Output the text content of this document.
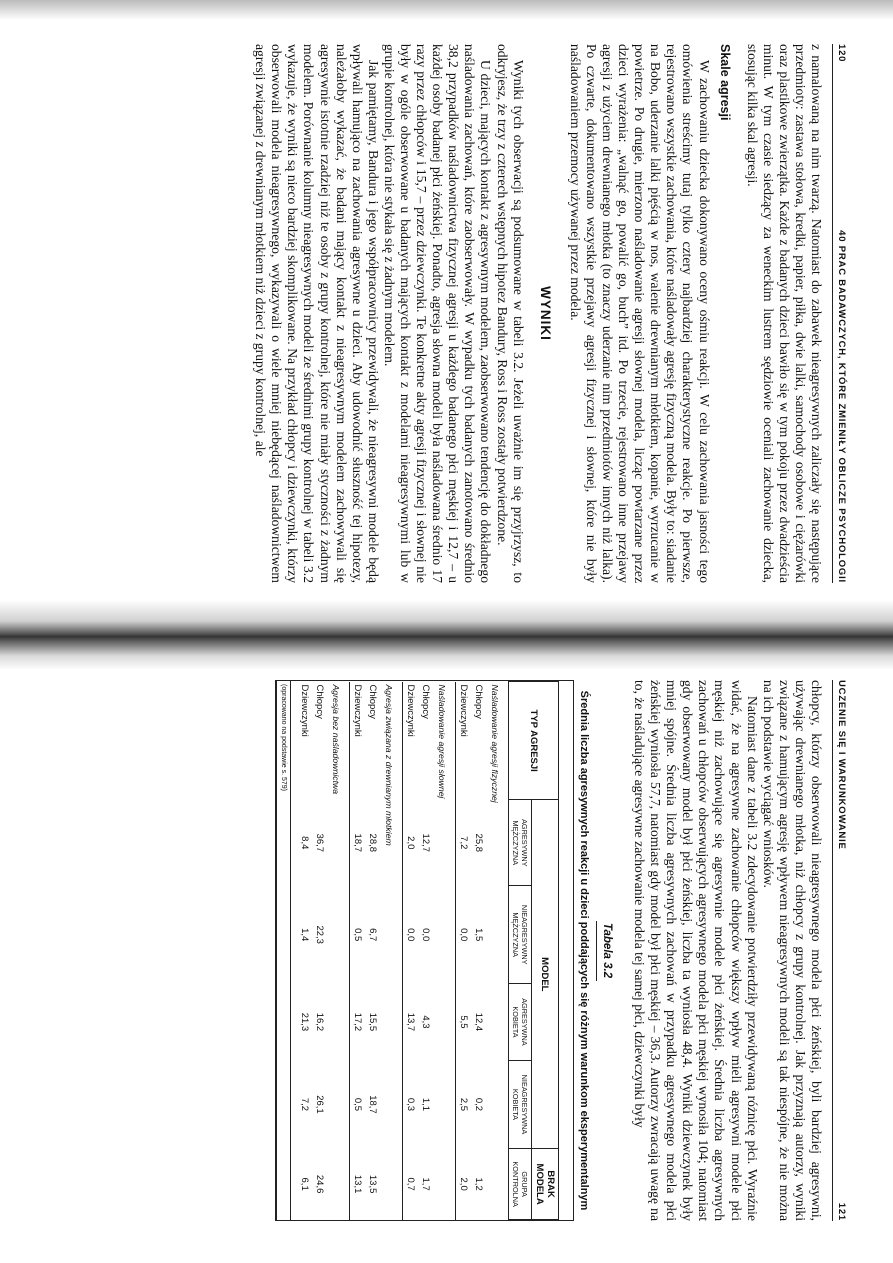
120
40 PRAC BADAWCZYCH, KTÓRE ZMIENIŁY OBLICZE PSYCHOLOGII

z namalowaną na nim twarzą. Natomiast do zabawek nieagresywnych zaliczały się następujące przedmioty: zastawa stołowa, kredki, papier, piłka, dwie lalki, samochody osobowe i ciężarówki oraz plastikowe zwierzątka. Każde z badanych dzieci bawiło się w tym pokoju przez dwadzieścia minut. W tym czasie siedzący za weneckim lustrem sędziowie oceniali zachowanie dziecka, stosując kilka skal agresji.

Skale agresji

W zachowaniu dziecka dokonywano oceny ośmiu reakcji. W celu zachowania jasności tego omówienia streścimy tutaj tylko cztery najbardziej charakterystyczne reakcje. Po pierwsze, rejestrowano wszystkie zachowania, które naśladowały agresję fizyczną modela. Były to: siadanie na Bobo, uderzanie lalki pięścią w nos, walenie drewnianym młotkiem, kopanie, wyrzucanie w powietrze. Po drugie, mierzono naśladowanie agresji słownej modela, licząc powtarzane przez dzieci wyrażenia: „walnąć go, powalić go, buch” itd. Po trzecie, rejestrowano inne przejawy agresji z użyciem drewnianego młotka (to znaczy uderzanie nim przedmiotów innych niż lalka). Po czwarte, dokumentowano wszystkie przejawy agresji fizycznej i słownej, które nie były naśladowaniem przemocy używanej przez modela.

WYNIKI

Wyniki tych obserwacji są podsumowane w tabeli 3.2. Jeżeli uważnie im się przyjrzysz, to odkryjesz, że trzy z czterech wstępnych hipotez Bandury, Ross i Ross zostały potwierdzone.

U dzieci, mających kontakt z agresywnym modelem, zaobserwowano tendencję do dokładnego naśladowania zachowań, które zaobserwowały. W wypadku tych badanych zanotowano średnio 38,2 przypadków naśladownictwa fizycznej agresji u każdego badanego płci męskiej i 12,7 – u każdej osoby badanej płci żeńskiej. Ponadto, agresja słowna modeli była naśladowana średnio 17 razy przez chłopców i 15,7 – przez dziewczynki. Te konkretne akty agresji fizycznej i słownej nie były w ogóle obserwowane u badanych mających kontakt z modelami nieagresywnymi lub w grupie kontrolnej, która nie stykała się z żadnym modelem.

Jak pamiętamy, Bandura i jego współpracownicy przewidywali, że nieagresywni modele będą wpływali hamująco na zachowania agresywne u dzieci. Aby udowodnić słuszność tej hipotezy, należałoby wykazać, że badani mający kontakt z nieagresywnym modelem zachowywali się agresywnie istotnie rzadziej niż te osoby z grupy kontrolnej, które nie miały styczności z żadnym modelem. Porównanie kolumny nieagresywnych modeli ze średnimi grupy kontrolnej w tabeli 3.2 wykazuje, że wyniki są nieco bardziej skomplikowane. Na przykład chłopcy i dziewczynki, którzy obserwowali modela nieagresywnego, wykazywali o wiele mniej niebędącej naśladownictwem agresji związanej z drewnianym młotkiem niż dzieci z grupy kontrolnej, ale

UCZENIE SIĘ I WARUNKOWANIE
121

chłopcy, którzy obserwowali nieagresywnego modela płci żeńskiej, byli bardziej agresywni, używając drewnianego młotka, niż chłopcy z grupy kontrolnej. Jak przyznają autorzy, wyniki związane z hamującym agresję wpływem nieagresywnych modeli są tak niespójne, że nie można na ich podstawie wyciągać wniosków.

Natomiast dane z tabeli 3.2 zdecydowanie potwierdziły przewidywaną różnicę płci. Wyraźnie widać, że na agresywne zachowanie chłopców większy wpływ mieli agresywni modele płci męskiej niż zachowujące się agresywnie modele płci żeńskiej. Średnia liczba agresywnych zachowań u chłopców obserwujących agresywnego modela płci męskiej wynosiła 104; natomiast gdy obserwowany model był płci żeńskiej, liczba ta wyniosła 48,4. Wyniki dziewczynek były mniej spójne. Średnia liczba agresywnych zachowań w przypadku agresywnego modela płci żeńskiej wyniosła 57,7, natomiast gdy model był płci męskiej – 36,3. Autorzy zwracają uwagę na to, że naśladujące agresywne zachowanie modela tej samej płci, dziewczynki były

Tabela 3.2
Średnia liczba agresywnych reakcji u dzieci poddających się różnym warunkom eksperymentalnym
TYP AGRESJI	MODEL				BRAK MODELA
	AGRESYWNY MĘŻCZYZNA	NIEAGRESYWNY MĘŻCZYZNA	AGRESYWNA KOBIETA	NIEAGRESYWNA KOBIETA	GRUPA KONTROLNA
Naśladowanie agresji fizycznej					
Chłopcy	25,8	1,5	12,4	0,2	1,2
Dziewczynki	7,2	0,0	5,5	2,5	2,0
Naśladowanie agresji słownej					
Chłopcy	12,7	0,0	4,3	1,1	1,7
Dziewczynki	2,0	0,0	13,7	0,3	0,7
Agresja związana z drewnianym młotkiem					
Chłopcy	28,8	6,7	15,5	18,7	13,5
Dziewczynki	18,7	0,5	17,2	0,5	13,1
Agresja bez naśladownictwa					
Chłopcy	36,7	22,3	16,2	26,1	24,6
Dziewczynki	8,4	1,4	21,3	7,2	6,1
(opracowano na podstawie s. 579)
